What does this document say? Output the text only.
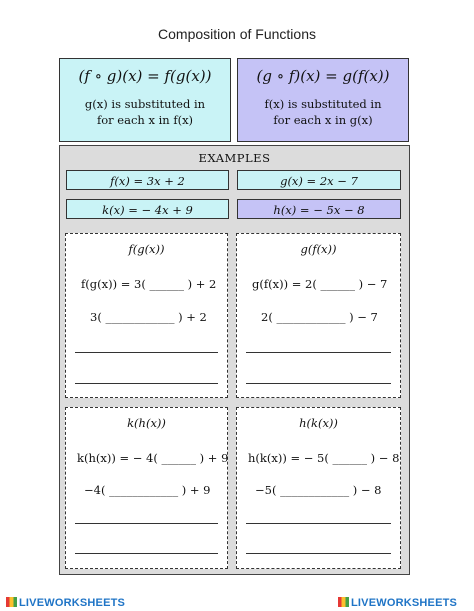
Composition of Functions
(f ∘ g)(x) = f(g(x))
g(x) is substituted in
for each x in f(x)
(g ∘ f)(x) = g(f(x))
f(x) is substituted in
for each x in g(x)
EXAMPLES
f(x) = 3x + 2	g(x) = 2x − 7
k(x) = − 4x + 9	h(x) = − 5x − 8
f(g(x))
f(g(x)) = 3( ______ ) + 2
3( ____________ ) + 2
g(f(x))
g(f(x)) = 2( ______ ) − 7
2( ____________ ) − 7
k(h(x))
k(h(x)) = − 4( ______ ) + 9
−4( ____________ ) + 9
h(k(x))
h(k(x)) = − 5( ______ ) − 8
−5( ____________ ) − 8
LIVEWORKSHEETS	LIVEWORKSHEETS
